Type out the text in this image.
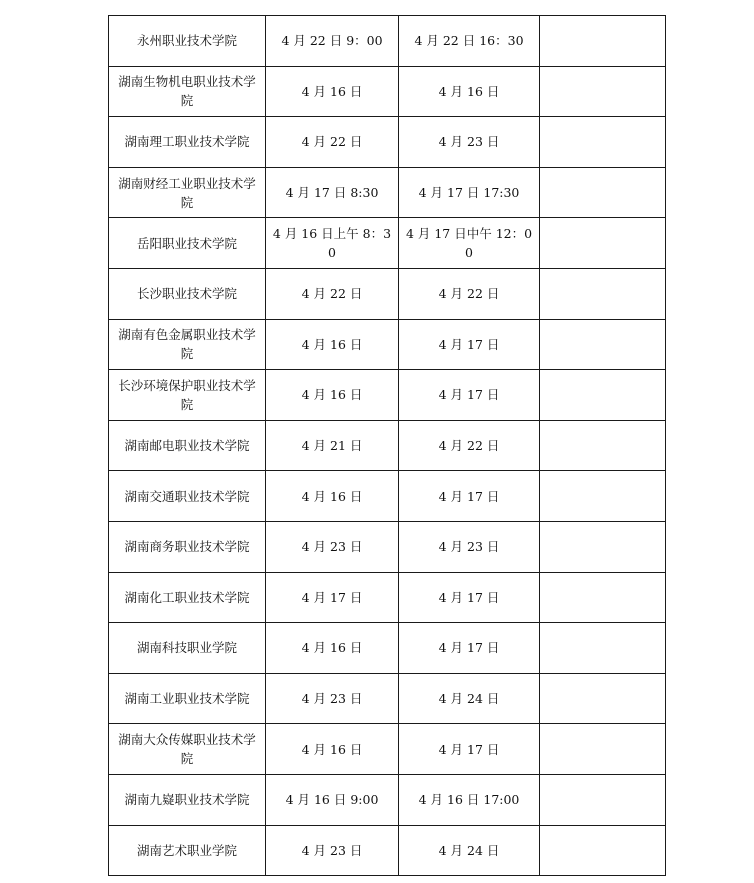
永州职业技术学院	4 月 22 日 9：00	4 月 22 日 16：30	
湖南生物机电职业技术学院	4 月 16 日	4 月 16 日	
湖南理工职业技术学院	4 月 22 日	4 月 23 日	
湖南财经工业职业技术学院	4 月 17 日 8:30	4 月 17 日 17:30	
岳阳职业技术学院	4 月 16 日上午 8：30	4 月 17 日中午 12：00	
长沙职业技术学院	4 月 22 日	4 月 22 日	
湖南有色金属职业技术学院	4 月 16 日	4 月 17 日	
长沙环境保护职业技术学院	4 月 16 日	4 月 17 日	
湖南邮电职业技术学院	4 月 21 日	4 月 22 日	
湖南交通职业技术学院	4 月 16 日	4 月 17 日	
湖南商务职业技术学院	4 月 23 日	4 月 23 日	
湖南化工职业技术学院	4 月 17 日	4 月 17 日	
湖南科技职业学院	4 月 16 日	4 月 17 日	
湖南工业职业技术学院	4 月 23 日	4 月 24 日	
湖南大众传媒职业技术学院	4 月 16 日	4 月 17 日	
湖南九嶷职业技术学院	4 月 16 日 9:00	4 月 16 日 17:00	
湖南艺术职业学院	4 月 23 日	4 月 24 日	
